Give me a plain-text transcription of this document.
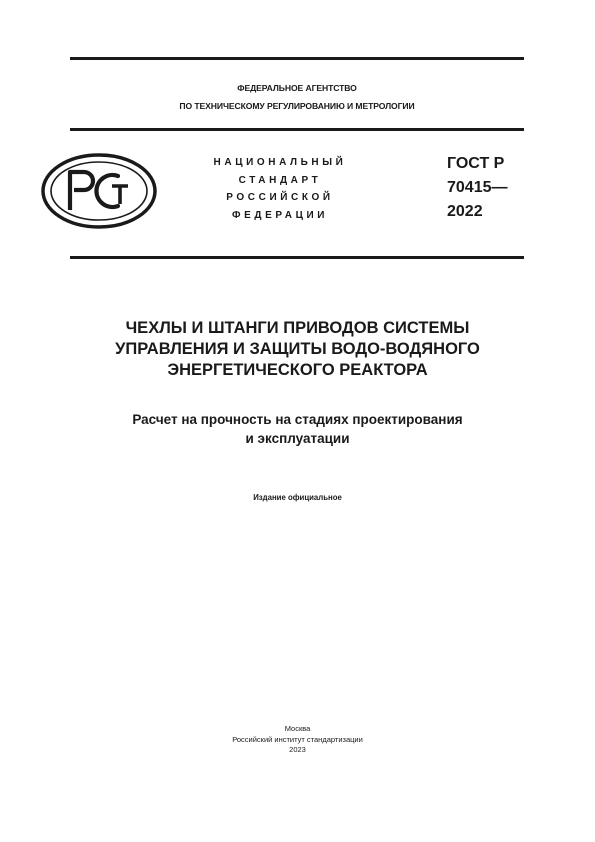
ФЕДЕРАЛЬНОЕ АГЕНТСТВО
ПО ТЕХНИЧЕСКОМУ РЕГУЛИРОВАНИЮ И МЕТРОЛОГИИ
НАЦИОНАЛЬНЫЙ
СТАНДАРТ
РОССИЙСКОЙ
ФЕДЕРАЦИИ
ГОСТ Р
70415—
2022
ЧЕХЛЫ И ШТАНГИ ПРИВОДОВ СИСТЕМЫ
УПРАВЛЕНИЯ И ЗАЩИТЫ ВОДО-ВОДЯНОГО
ЭНЕРГЕТИЧЕСКОГО РЕАКТОРА
Расчет на прочность на стадиях проектирования
и эксплуатации
Издание официальное
Москва
Российский институт стандартизации
2023
